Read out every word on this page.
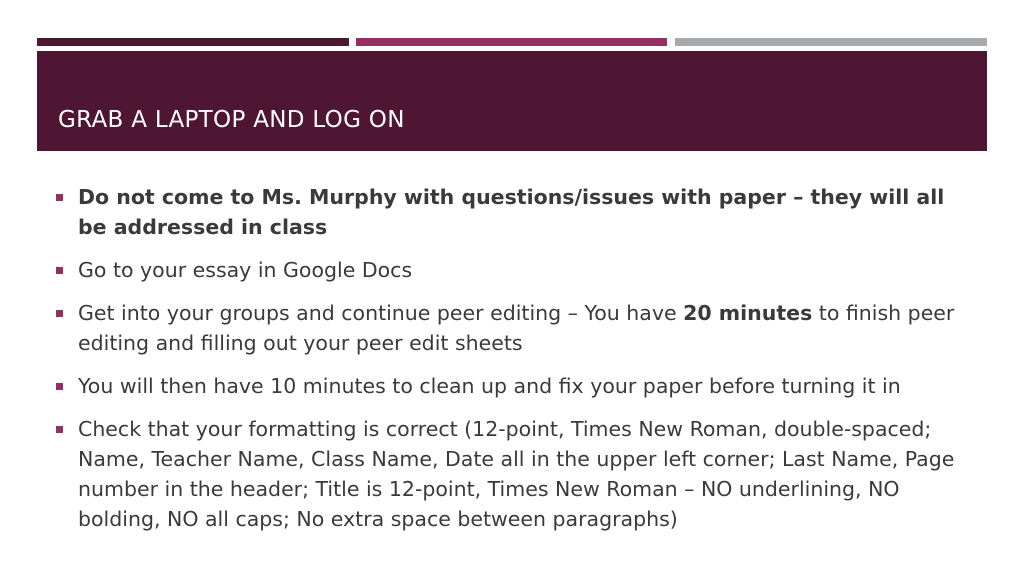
GRAB A LAPTOP AND LOG ON
Do not come to Ms. Murphy with questions/issues with paper – they will all be addressed in class
Go to your essay in Google Docs
Get into your groups and continue peer editing – You have 20 minutes to finish peer editing and filling out your peer edit sheets
You will then have 10 minutes to clean up and fix your paper before turning it in
Check that your formatting is correct (12-point, Times New Roman, double-spaced; Name, Teacher Name, Class Name, Date all in the upper left corner; Last Name, Page number in the header; Title is 12-point, Times New Roman – NO underlining, NO bolding, NO all caps; No extra space between paragraphs)
